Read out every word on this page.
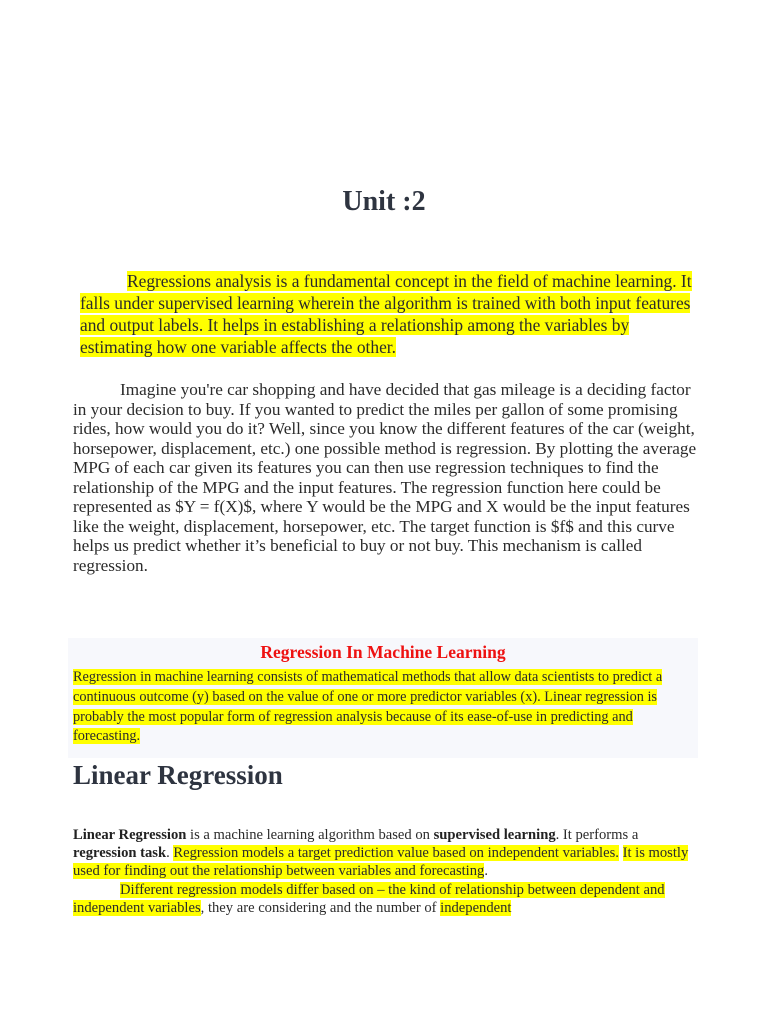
Unit :2

Regressions analysis is a fundamental concept in the field of machine learning. It falls under supervised learning wherein the algorithm is trained with both input features and output labels. It helps in establishing a relationship among the variables by estimating how one variable affects the other.

Imagine you're car shopping and have decided that gas mileage is a deciding factor in your decision to buy. If you wanted to predict the miles per gallon of some promising rides, how would you do it? Well, since you know the different features of the car (weight, horsepower, displacement, etc.) one possible method is regression. By plotting the average MPG of each car given its features you can then use regression techniques to find the relationship of the MPG and the input features. The regression function here could be represented as $Y = f(X)$, where Y would be the MPG and X would be the input features like the weight, displacement, horsepower, etc. The target function is $f$ and this curve helps us predict whether it’s beneficial to buy or not buy. This mechanism is called regression.

Regression In Machine Learning

Regression in machine learning consists of mathematical methods that allow data scientists to predict a continuous outcome (y) based on the value of one or more predictor variables (x). Linear regression is probably the most popular form of regression analysis because of its ease-of-use in predicting and forecasting.

Linear Regression

Linear Regression is a machine learning algorithm based on supervised learning. It performs a regression task. Regression models a target prediction value based on independent variables. It is mostly used for finding out the relationship between variables and forecasting.
Different regression models differ based on – the kind of relationship between dependent and independent variables, they are considering and the number of independent
